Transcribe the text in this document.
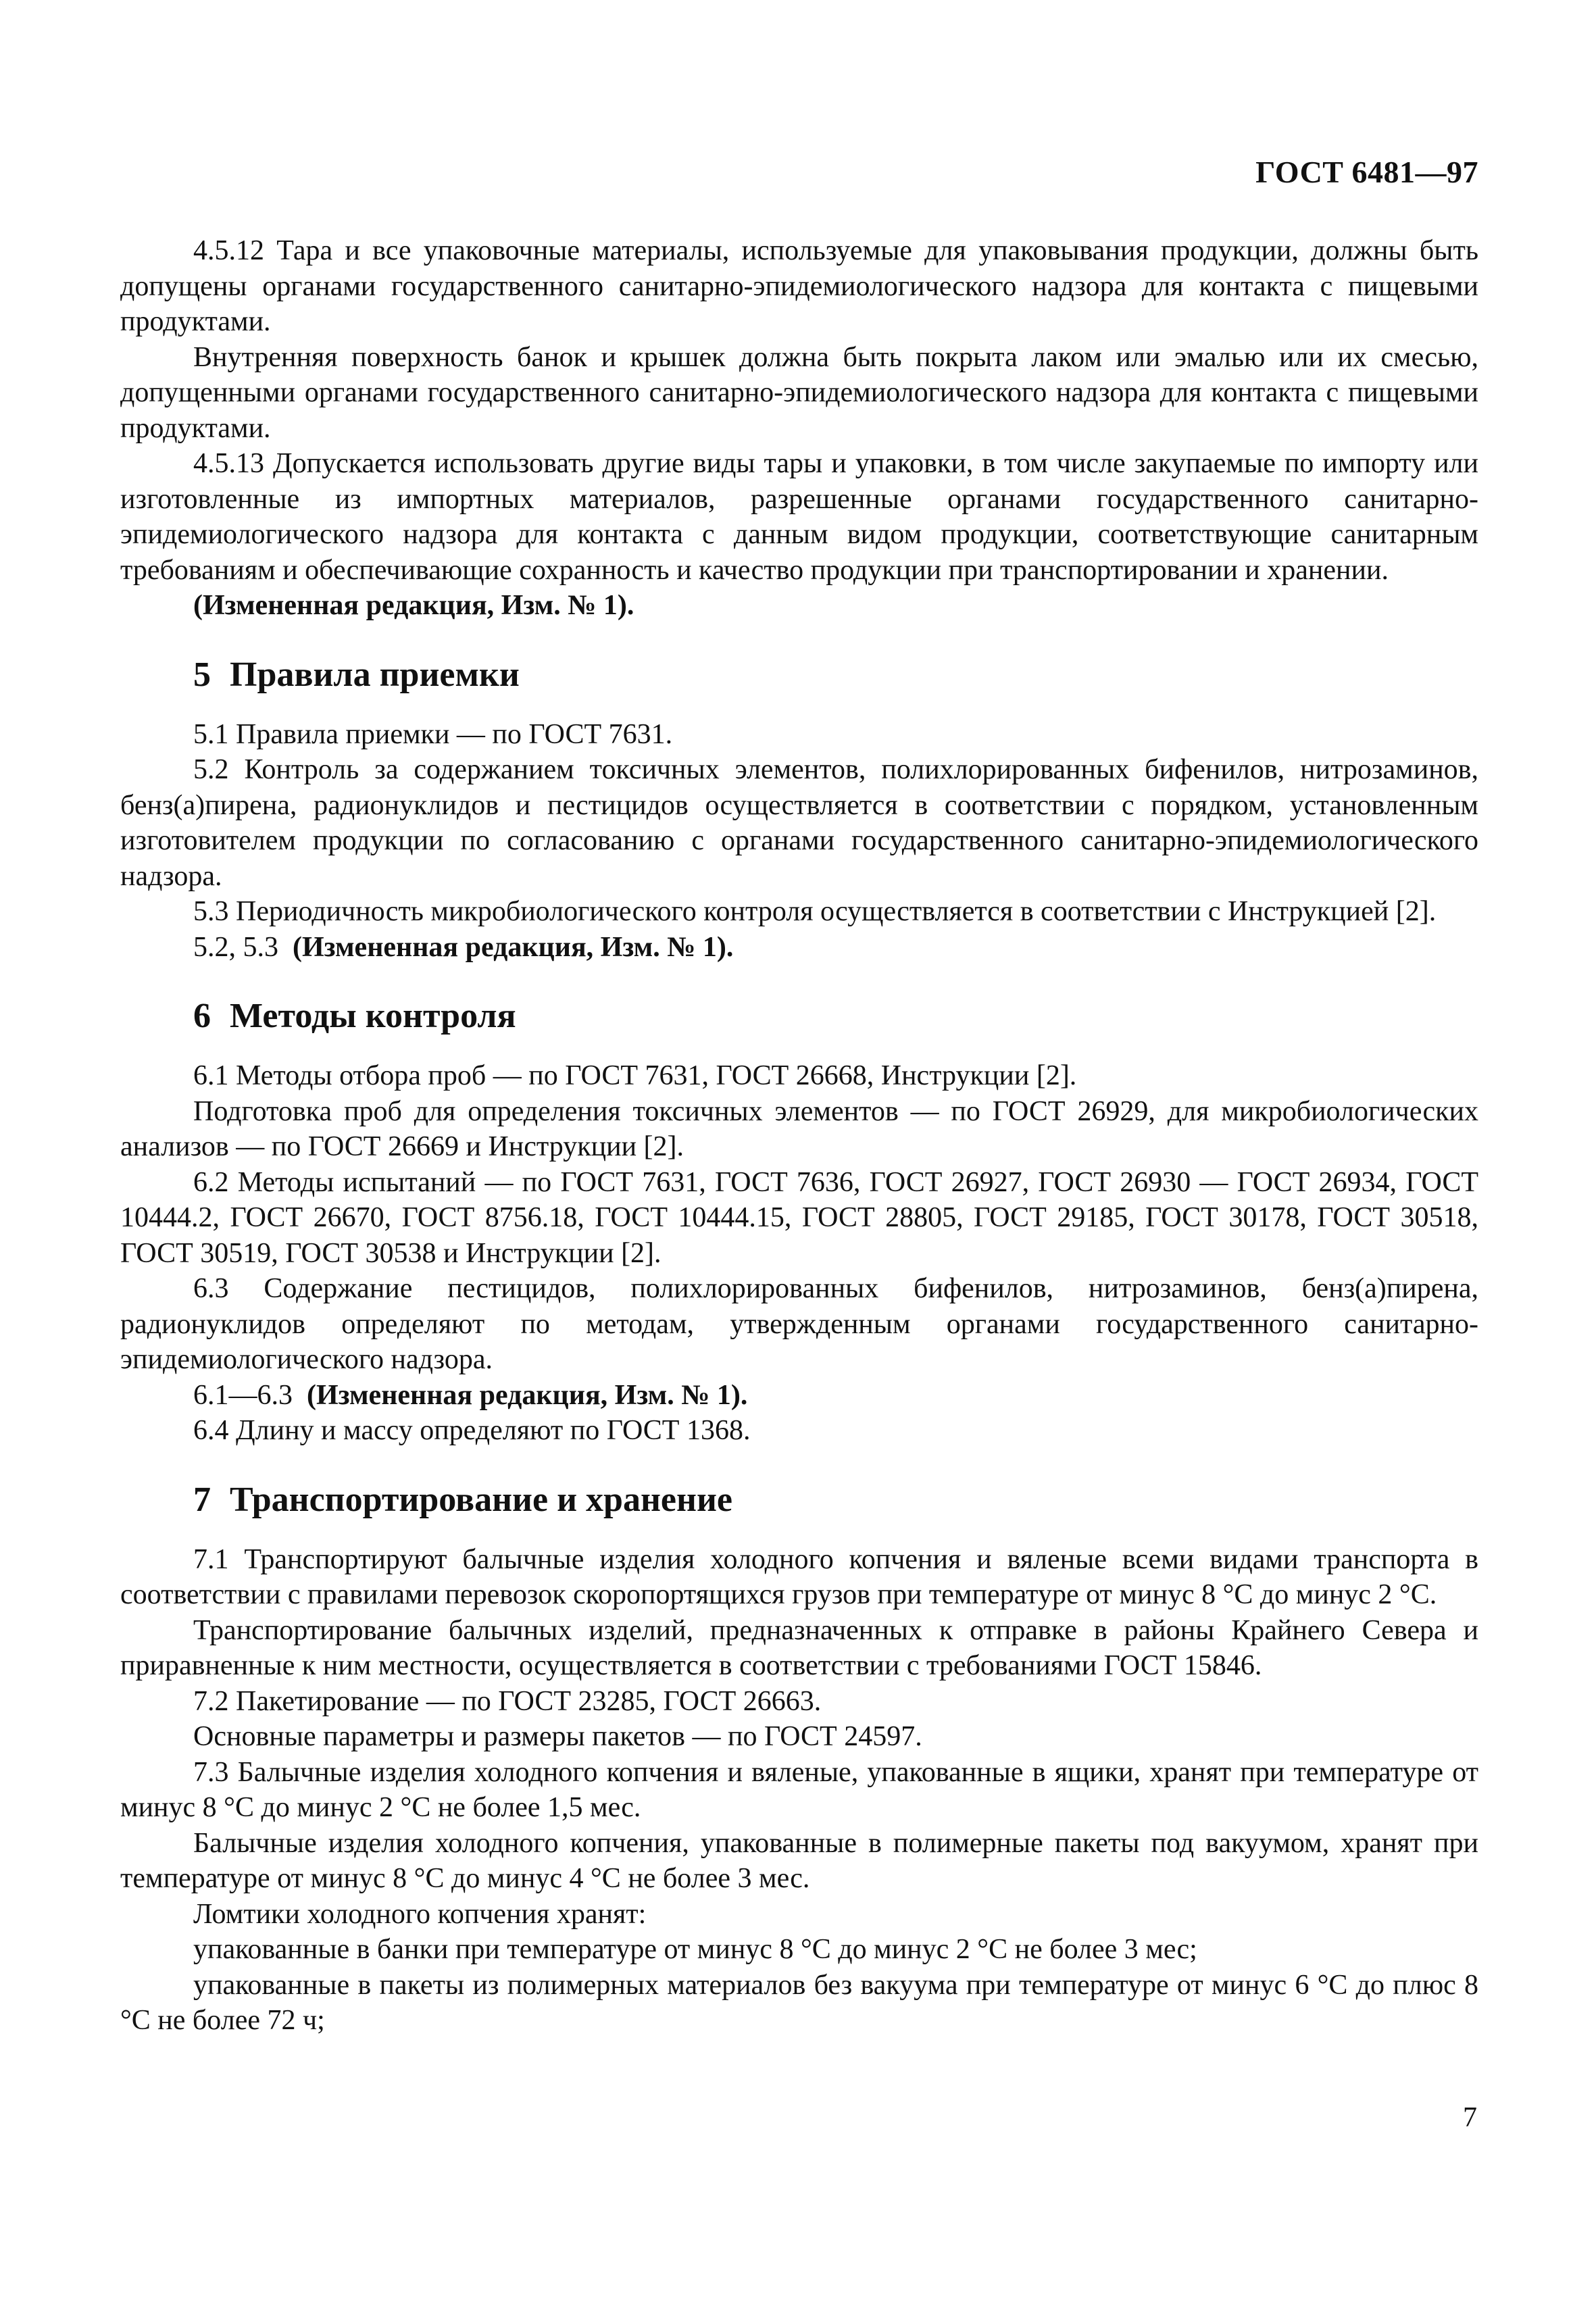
ГОСТ 6481—97

4.5.12 Тара и все упаковочные материалы, используемые для упаковывания продукции, должны быть допущены органами государственного санитарно-эпидемиологического надзора для контакта с пищевыми продуктами.

Внутренняя поверхность банок и крышек должна быть покрыта лаком или эмалью или их смесью, допущенными органами государственного санитарно-эпидемиологического надзора для контакта с пищевыми продуктами.

4.5.13 Допускается использовать другие виды тары и упаковки, в том числе закупаемые по импорту или изготовленные из импортных материалов, разрешенные органами государственного санитарно-эпидемиологического надзора для контакта с данным видом продукции, соответствующие санитарным требованиям и обеспечивающие сохранность и качество продукции при транспортировании и хранении.

(Измененная редакция, Изм. № 1).

5 Правила приемки

5.1 Правила приемки — по ГОСТ 7631.

5.2 Контроль за содержанием токсичных элементов, полихлорированных бифенилов, нитрозаминов, бенз(а)пирена, радионуклидов и пестицидов осуществляется в соответствии с порядком, установленным изготовителем продукции по согласованию с органами государственного санитарно-эпидемиологического надзора.

5.3 Периодичность микробиологического контроля осуществляется в соответствии с Инструкцией [2].

5.2, 5.3 (Измененная редакция, Изм. № 1).

6 Методы контроля

6.1 Методы отбора проб — по ГОСТ 7631, ГОСТ 26668, Инструкции [2].

Подготовка проб для определения токсичных элементов — по ГОСТ 26929, для микробиологических анализов — по ГОСТ 26669 и Инструкции [2].

6.2 Методы испытаний — по ГОСТ 7631, ГОСТ 7636, ГОСТ 26927, ГОСТ 26930 — ГОСТ 26934, ГОСТ 10444.2, ГОСТ 26670, ГОСТ 8756.18, ГОСТ 10444.15, ГОСТ 28805, ГОСТ 29185, ГОСТ 30178, ГОСТ 30518, ГОСТ 30519, ГОСТ 30538 и Инструкции [2].

6.3 Содержание пестицидов, полихлорированных бифенилов, нитрозаминов, бенз(а)пирена, радионуклидов определяют по методам, утвержденным органами государственного санитарно-эпидемиологического надзора.

6.1—6.3 (Измененная редакция, Изм. № 1).

6.4 Длину и массу определяют по ГОСТ 1368.

7 Транспортирование и хранение

7.1 Транспортируют балычные изделия холодного копчения и вяленые всеми видами транспорта в соответствии с правилами перевозок скоропортящихся грузов при температуре от минус 8 °С до минус 2 °С.

Транспортирование балычных изделий, предназначенных к отправке в районы Крайнего Севера и приравненные к ним местности, осуществляется в соответствии с требованиями ГОСТ 15846.

7.2 Пакетирование — по ГОСТ 23285, ГОСТ 26663.

Основные параметры и размеры пакетов — по ГОСТ 24597.

7.3 Балычные изделия холодного копчения и вяленые, упакованные в ящики, хранят при температуре от минус 8 °С до минус 2 °С не более 1,5 мес.

Балычные изделия холодного копчения, упакованные в полимерные пакеты под вакуумом, хранят при температуре от минус 8 °С до минус 4 °С не более 3 мес.

Ломтики холодного копчения хранят:

упакованные в банки при температуре от минус 8 °С до минус 2 °С не более 3 мес;

упакованные в пакеты из полимерных материалов без вакуума при температуре от минус 6 °С до плюс 8 °С не более 72 ч;

7
